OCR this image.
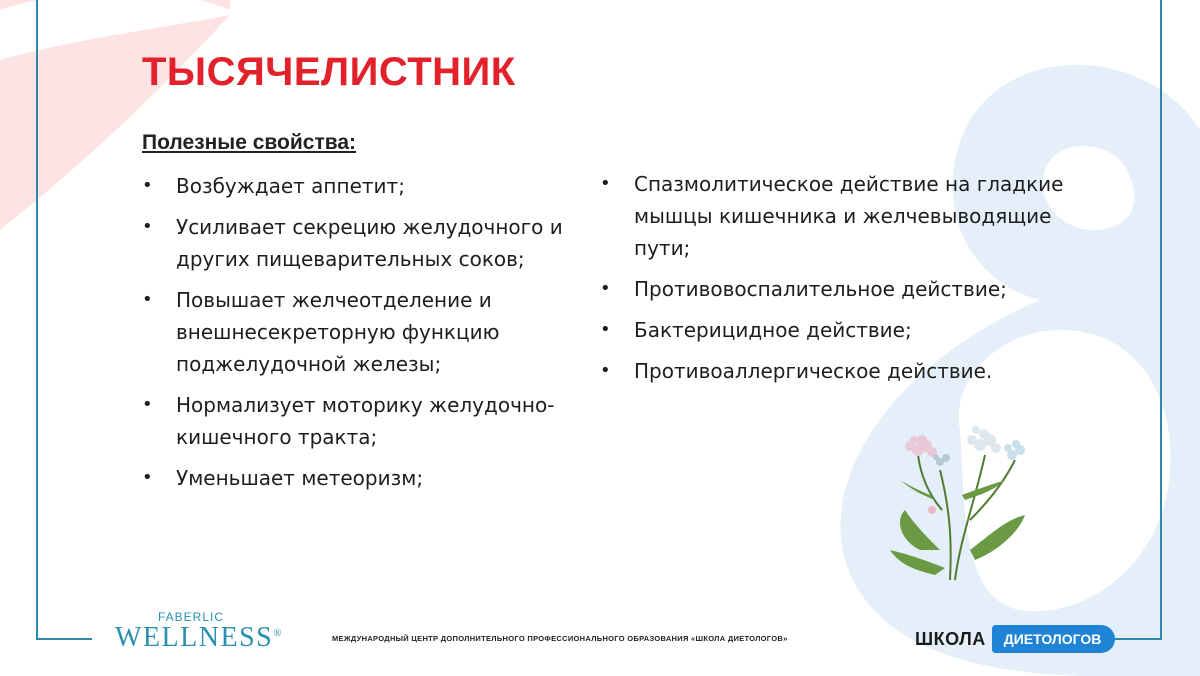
ТЫСЯЧЕЛИСТНИК
Полезные свойства:
• Возбуждает аппетит;
• Усиливает секрецию желудочного и других пищеварительных соков;
• Повышает желчеотделение и внешнесекреторную функцию поджелудочной железы;
• Нормализует моторику желудочно-кишечного тракта;
• Уменьшает метеоризм;
• Спазмолитическое действие на гладкие мышцы кишечника и желчевыводящие пути;
• Противовоспалительное действие;
• Бактерицидное действие;
• Противоаллергическое действие.
FABERLIC
WELLNESS®	МЕЖДУНАРОДНЫЙ ЦЕНТР ДОПОЛНИТЕЛЬНОГО ПРОФЕССИОНАЛЬНОГО ОБРАЗОВАНИЯ «ШКОЛА ДИЕТОЛОГОВ»	ШКОЛА	ДИЕТОЛОГОВ
